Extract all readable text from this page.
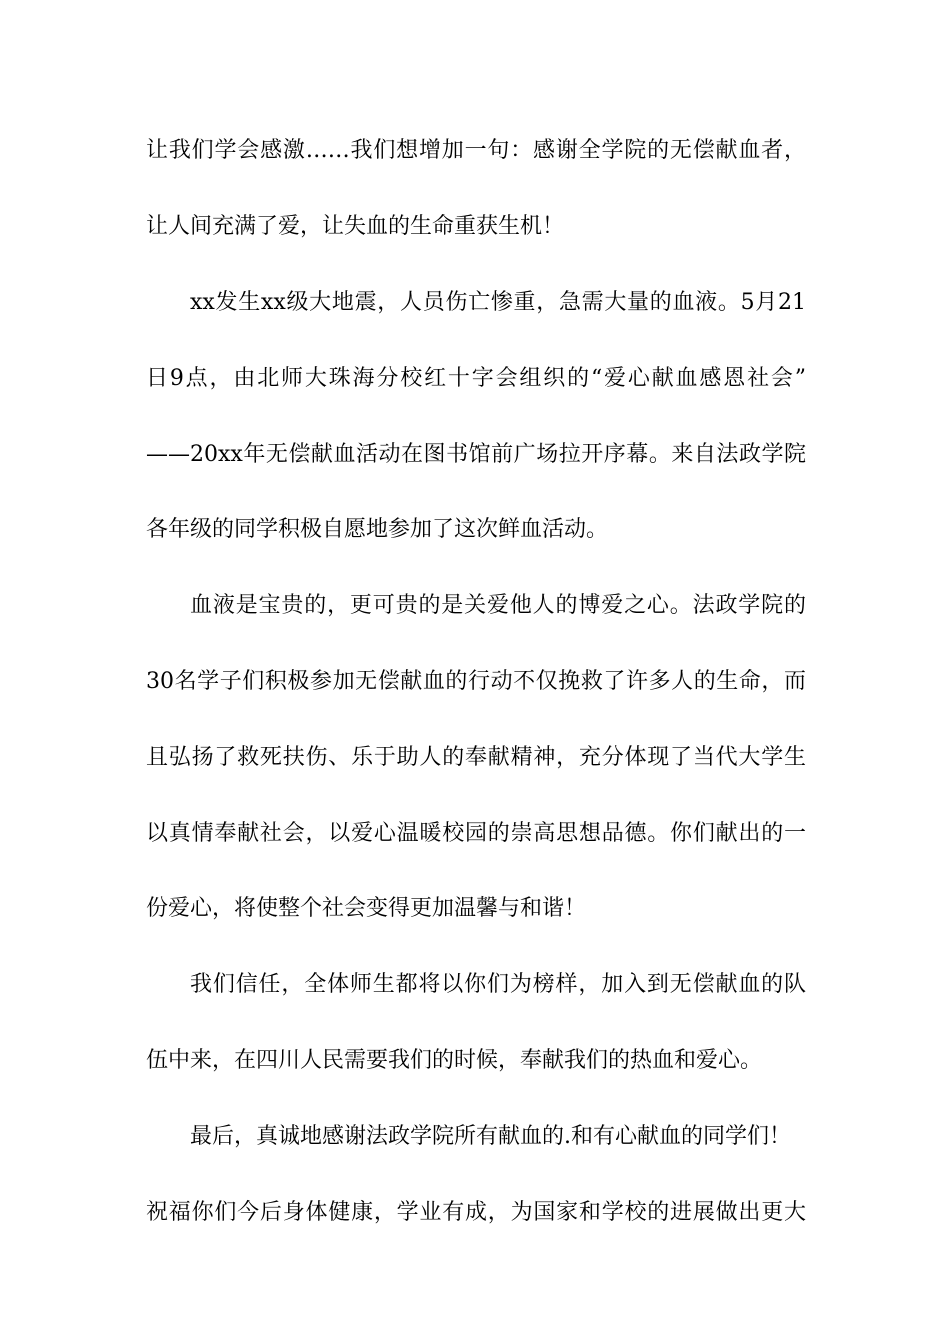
让我们学会感激……我们想增加一句：感谢全学院的无偿献血者，
让人间充满了爱，让失血的生命重获生机！
xx发生xx级大地震，人员伤亡惨重，急需大量的血液。5月21
日9点，由北师大珠海分校红十字会组织的“爱心献血感恩社会”
——20xx年无偿献血活动在图书馆前广场拉开序幕。来自法政学院
各年级的同学积极自愿地参加了这次鲜血活动。
血液是宝贵的，更可贵的是关爱他人的博爱之心。法政学院的
30名学子们积极参加无偿献血的行动不仅挽救了许多人的生命，而
且弘扬了救死扶伤、乐于助人的奉献精神，充分体现了当代大学生
以真情奉献社会，以爱心温暖校园的崇高思想品德。你们献出的一
份爱心，将使整个社会变得更加温馨与和谐！
我们信任，全体师生都将以你们为榜样，加入到无偿献血的队
伍中来，在四川人民需要我们的时候，奉献我们的热血和爱心。
最后，真诚地感谢法政学院所有献血的.和有心献血的同学们！
祝福你们今后身体健康，学业有成，为国家和学校的进展做出更大
